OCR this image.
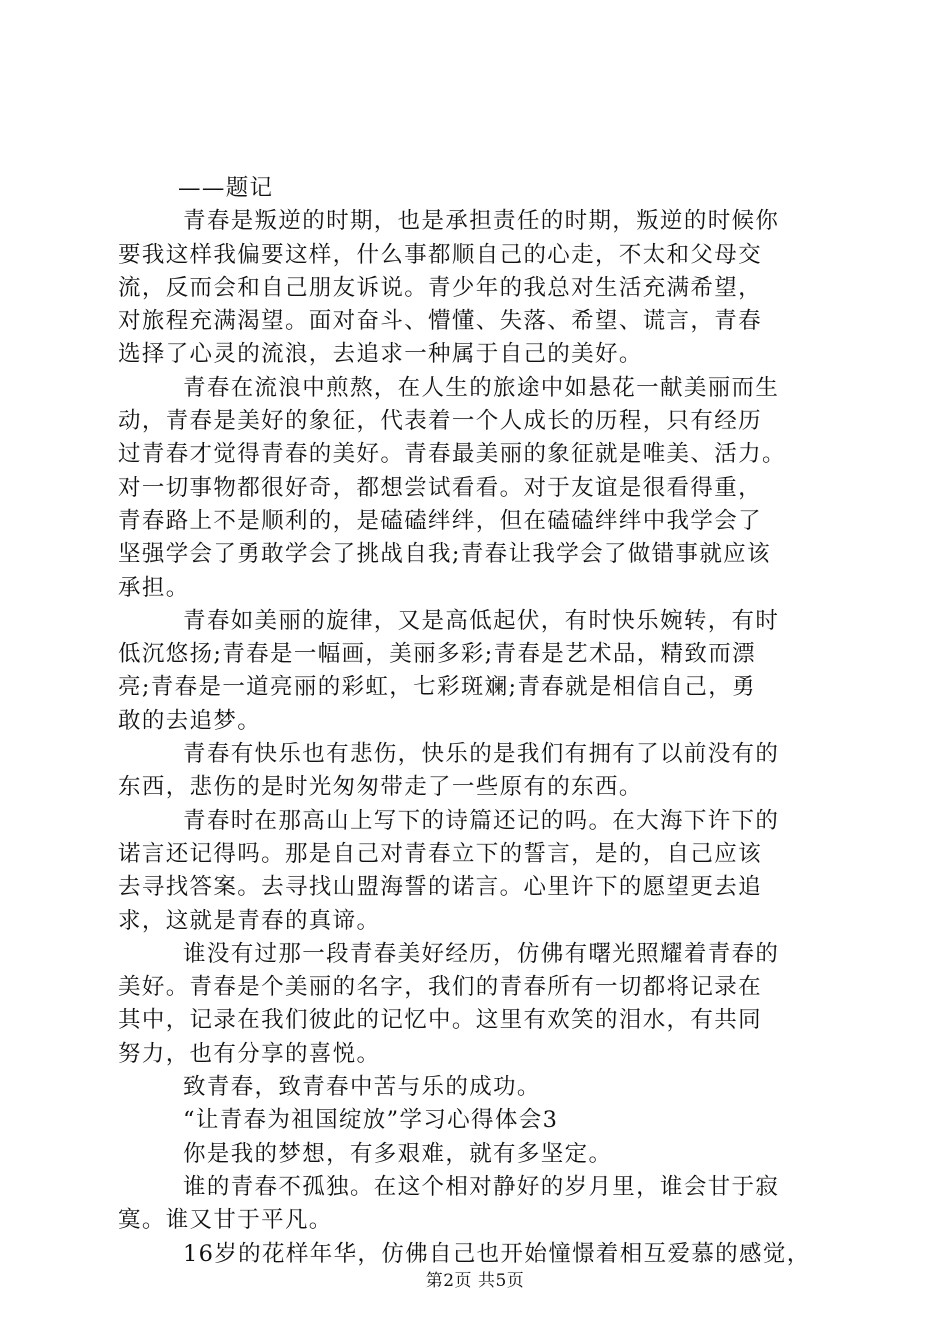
——题记
青春是叛逆的时期，也是承担责任的时期，叛逆的时候你
要我这样我偏要这样，什么事都顺自己的心走，不太和父母交
流，反而会和自己朋友诉说。青少年的我总对生活充满希望，
对旅程充满渴望。面对奋斗、懵懂、失落、希望、谎言，青春
选择了心灵的流浪，去追求一种属于自己的美好。
青春在流浪中煎熬，在人生的旅途中如悬花一献美丽而生
动，青春是美好的象征，代表着一个人成长的历程，只有经历
过青春才觉得青春的美好。青春最美丽的象征就是唯美、活力。
对一切事物都很好奇，都想尝试看看。对于友谊是很看得重，
青春路上不是顺利的，是磕磕绊绊，但在磕磕绊绊中我学会了
坚强学会了勇敢学会了挑战自我;青春让我学会了做错事就应该
承担。
青春如美丽的旋律，又是高低起伏，有时快乐婉转，有时
低沉悠扬;青春是一幅画，美丽多彩;青春是艺术品，精致而漂
亮;青春是一道亮丽的彩虹，七彩斑斓;青春就是相信自己，勇
敢的去追梦。
青春有快乐也有悲伤，快乐的是我们有拥有了以前没有的
东西，悲伤的是时光匆匆带走了一些原有的东西。
青春时在那高山上写下的诗篇还记的吗。在大海下许下的
诺言还记得吗。那是自己对青春立下的誓言，是的，自己应该
去寻找答案。去寻找山盟海誓的诺言。心里许下的愿望更去追
求，这就是青春的真谛。
谁没有过那一段青春美好经历，仿佛有曙光照耀着青春的
美好。青春是个美丽的名字，我们的青春所有一切都将记录在
其中，记录在我们彼此的记忆中。这里有欢笑的泪水，有共同
努力，也有分享的喜悦。
致青春，致青春中苦与乐的成功。
“让青春为祖国绽放”学习心得体会3
你是我的梦想，有多艰难，就有多坚定。
谁的青春不孤独。在这个相对静好的岁月里，谁会甘于寂
寞。谁又甘于平凡。
16岁的花样年华，仿佛自己也开始憧憬着相互爱慕的感觉，
第2页 共5页
